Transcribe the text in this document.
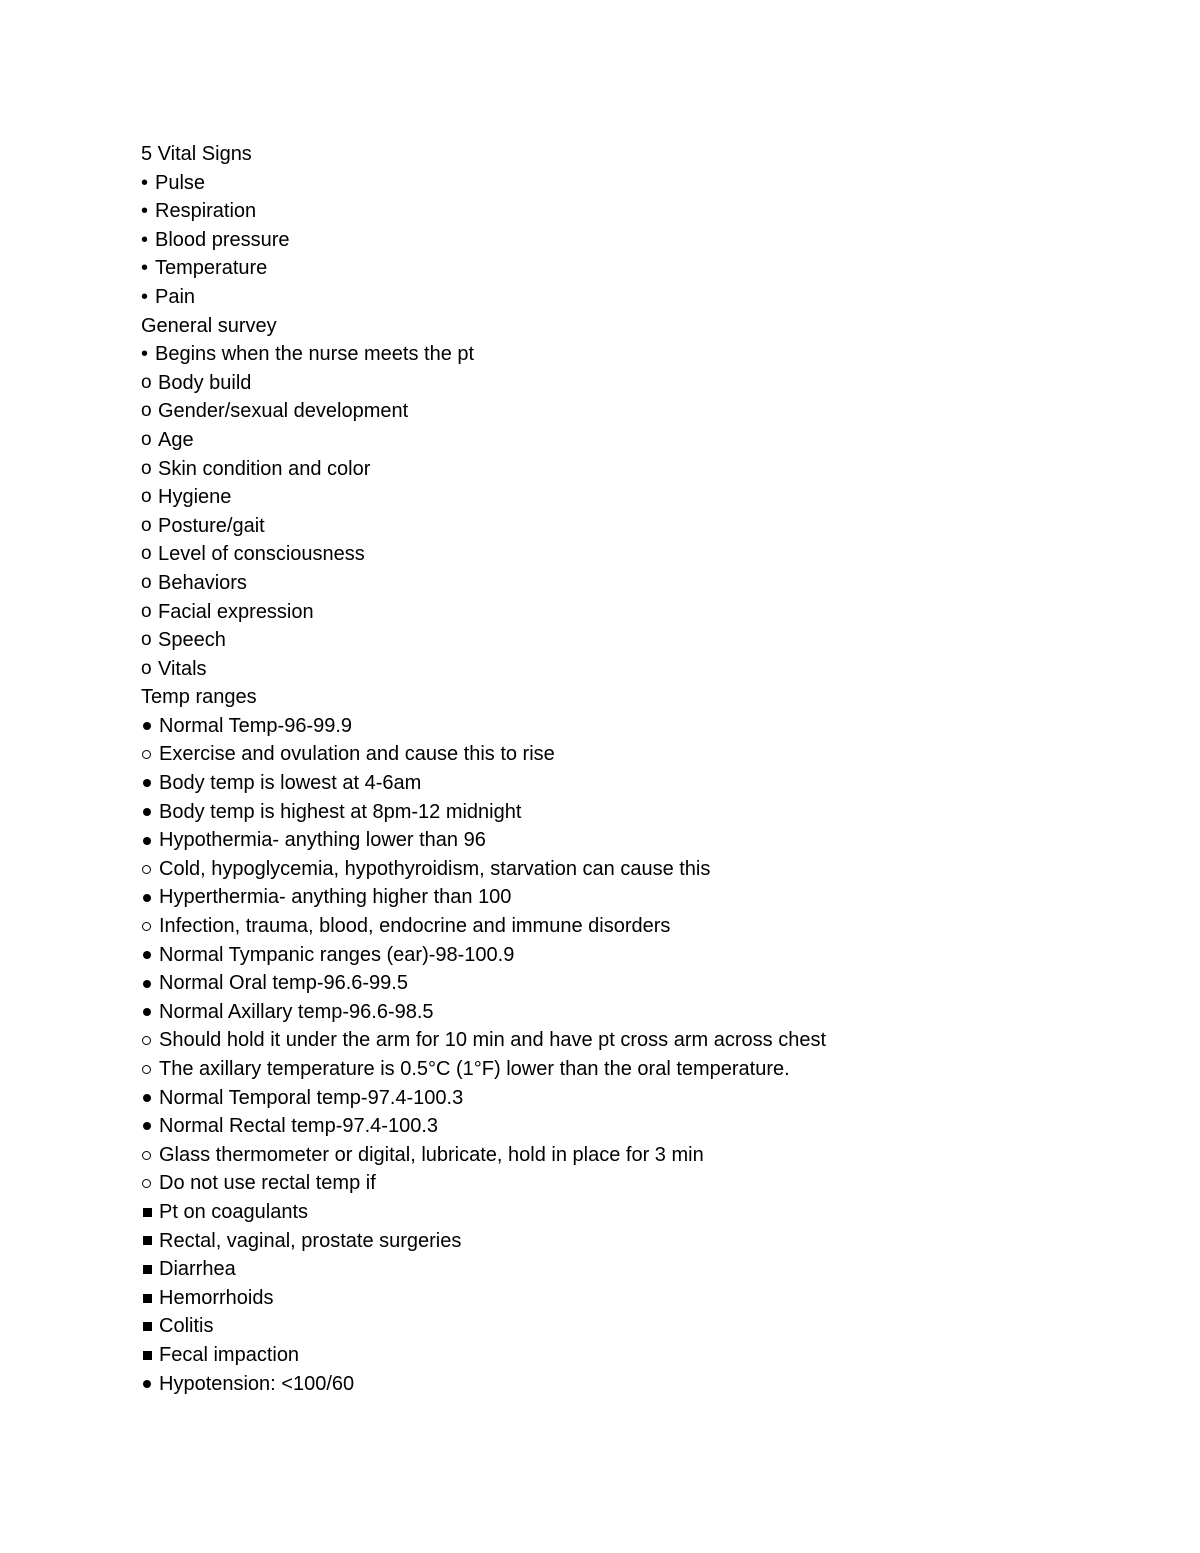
5 Vital Signs
• Pulse
• Respiration
• Blood pressure
• Temperature
• Pain
General survey
• Begins when the nurse meets the pt
o Body build
o Gender/sexual development
o Age
o Skin condition and color
o Hygiene
o Posture/gait
o Level of consciousness
o Behaviors
o Facial expression
o Speech
o Vitals
Temp ranges
Normal Temp-96-99.9
Exercise and ovulation and cause this to rise
Body temp is lowest at 4-6am
Body temp is highest at 8pm-12 midnight
Hypothermia- anything lower than 96
Cold, hypoglycemia, hypothyroidism, starvation can cause this
Hyperthermia- anything higher than 100
Infection, trauma, blood, endocrine and immune disorders
Normal Tympanic ranges (ear)-98-100.9
Normal Oral temp-96.6-99.5
Normal Axillary temp-96.6-98.5
Should hold it under the arm for 10 min and have pt cross arm across chest
The axillary temperature is 0.5°C (1°F) lower than the oral temperature.
Normal Temporal temp-97.4-100.3
Normal Rectal temp-97.4-100.3
Glass thermometer or digital, lubricate, hold in place for 3 min
Do not use rectal temp if
Pt on coagulants
Rectal, vaginal, prostate surgeries
Diarrhea
Hemorrhoids
Colitis
Fecal impaction
Hypotension: <100/60
